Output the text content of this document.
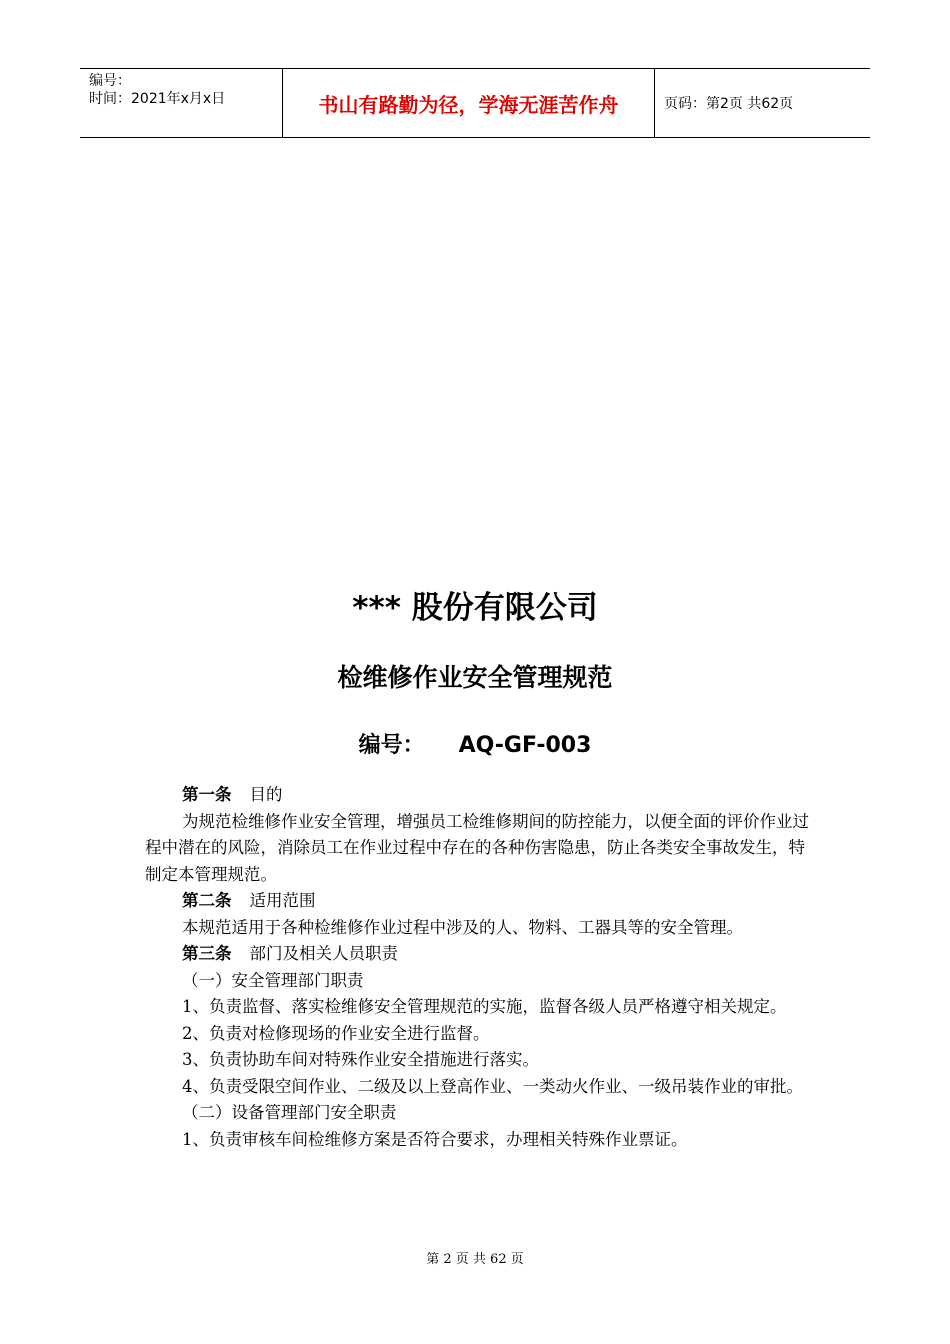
编号：
时间：2021年x月x日	书山有路勤为径，学海无涯苦作舟	页码：第2页 共62页
*** 股份有限公司
检维修作业安全管理规范
编号： AQ-GF-003

第一条 目的

为规范检维修作业安全管理，增强员工检维修期间的防控能力，以便全面的评价作业过程中潜在的风险，消除员工在作业过程中存在的各种伤害隐患，防止各类安全事故发生，特制定本管理规范。

第二条 适用范围

本规范适用于各种检维修作业过程中涉及的人、物料、工器具等的安全管理。

第三条 部门及相关人员职责

（一）安全管理部门职责

1、负责监督、落实检维修安全管理规范的实施，监督各级人员严格遵守相关规定。

2、负责对检修现场的作业安全进行监督。

3、负责协助车间对特殊作业安全措施进行落实。

4、负责受限空间作业、二级及以上登高作业、一类动火作业、一级吊装作业的审批。

（二）设备管理部门安全职责

1、负责审核车间检维修方案是否符合要求，办理相关特殊作业票证。

第 2 页 共 62 页
